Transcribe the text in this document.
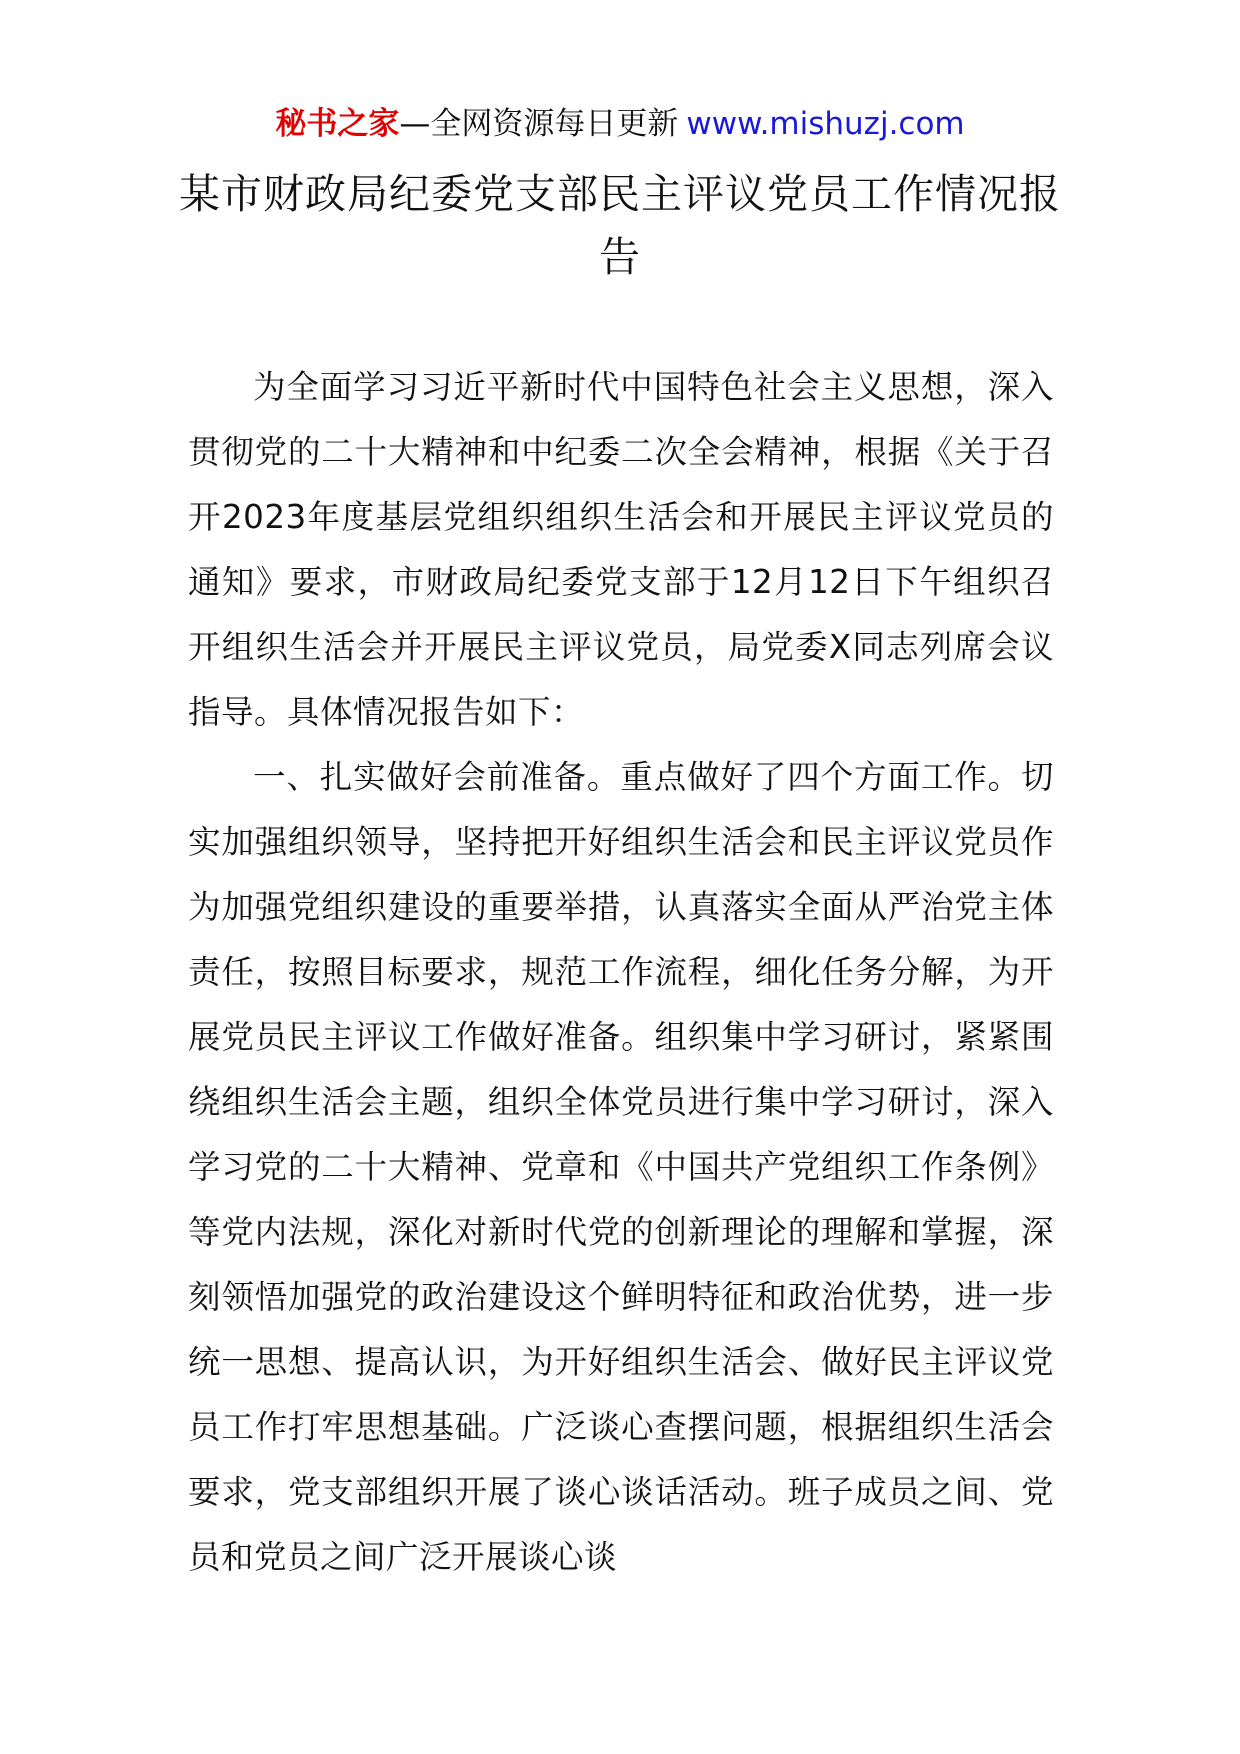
秘书之家—全网资源每日更新 www.mishuzj.com
某市财政局纪委党支部民主评议党员工作情况报告

为全面学习习近平新时代中国特色社会主义思想，深入贯彻党的二十大精神和中纪委二次全会精神，根据《关于召开2023年度基层党组织组织生活会和开展民主评议党员的通知》要求，市财政局纪委党支部于12月12日下午组织召开组织生活会并开展民主评议党员，局党委X同志列席会议指导。具体情况报告如下：

一、扎实做好会前准备。重点做好了四个方面工作。切实加强组织领导，坚持把开好组织生活会和民主评议党员作为加强党组织建设的重要举措，认真落实全面从严治党主体责任，按照目标要求，规范工作流程，细化任务分解，为开展党员民主评议工作做好准备。组织集中学习研讨，紧紧围绕组织生活会主题，组织全体党员进行集中学习研讨，深入学习党的二十大精神、党章和《中国共产党组织工作条例》等党内法规，深化对新时代党的创新理论的理解和掌握，深刻领悟加强党的政治建设这个鲜明特征和政治优势，进一步统一思想、提高认识，为开好组织生活会、做好民主评议党员工作打牢思想基础。广泛谈心查摆问题，根据组织生活会要求，党支部组织开展了谈心谈话活动。班子成员之间、党员和党员之间广泛开展谈心谈
